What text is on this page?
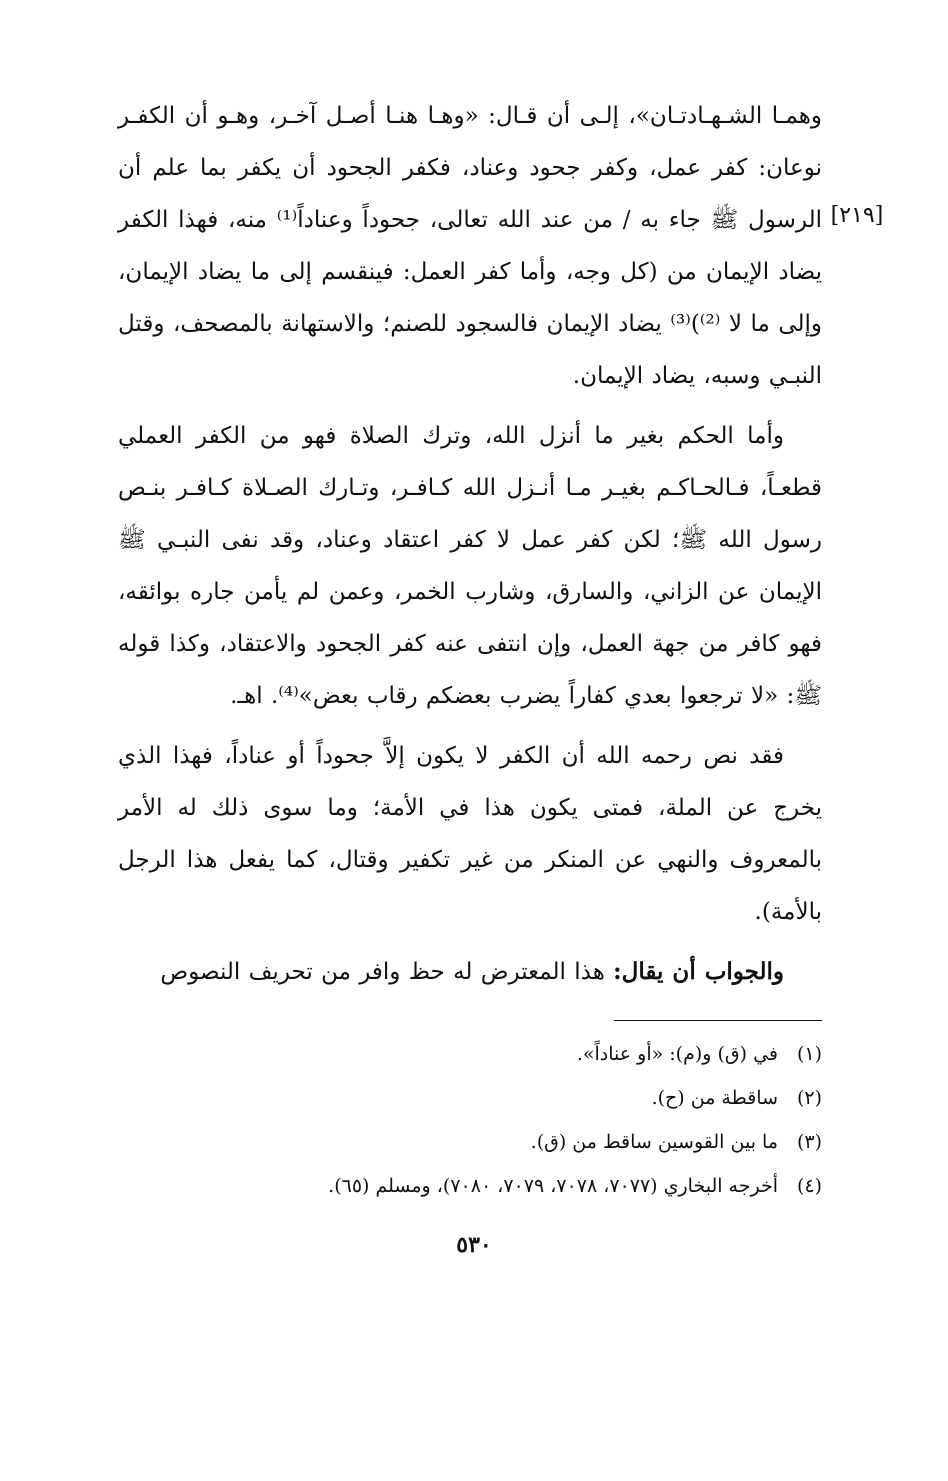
[٢١٩]

وهمـا الشـهـادتـان»، إلـى أن قـال: «وهـا هنـا أصـل آخـر، وهـو أن الكفـر نوعان: كفر عمل، وكفر جحود وعناد، فكفر الجحود أن يكفر بما علم أن الرسول ﷺ جاء به / من عند الله تعالى، جحوداً وعناداً⁽¹⁾ منه، فهذا الكفر يضاد الإيمان من (كل وجه، وأما كفر العمل: فينقسم إلى ما يضاد الإيمان، وإلى ما لا ⁽²⁾)⁽³⁾ يضاد الإيمان فالسجود للصنم؛ والاستهانة بالمصحف، وقتل النبـي وسبه، يضاد الإيمان.

وأما الحكم بغير ما أنزل الله، وترك الصلاة فهو من الكفر العملي قطعـاً، فـالحـاكـم بغيـر مـا أنـزل الله كـافـر، وتـارك الصـلاة كـافـر بنـص رسول الله ﷺ؛ لكن كفر عمل لا كفر اعتقاد وعناد، وقد نفى النبـي ﷺ الإيمان عن الزاني، والسارق، وشارب الخمر، وعمن لم يأمن جاره بوائقه، فهو كافر من جهة العمل، وإن انتفى عنه كفر الجحود والاعتقاد، وكذا قوله ﷺ: «لا ترجعوا بعدي كفاراً يضرب بعضكم رقاب بعض»⁽⁴⁾. اهـ.

فقد نص رحمه الله أن الكفر لا يكون إلاَّ جحوداً أو عناداً، فهذا الذي يخرج عن الملة، فمتى يكون هذا في الأمة؛ وما سوى ذلك له الأمر بالمعروف والنهي عن المنكر من غير تكفير وقتال، كما يفعل هذا الرجل بالأمة).

والجواب أن يقال: هذا المعترض له حظ وافر من تحريف النصوص

(١)
في (ق) و(م): «أو عناداً».
(٢)
ساقطة من (ح).
(٣)
ما بين القوسين ساقط من (ق).
(٤)
أخرجه البخاري (٧٠٧٧، ٧٠٧٨، ٧٠٧٩، ٧٠٨٠)، ومسلم (٦٥).
٥٣٠
